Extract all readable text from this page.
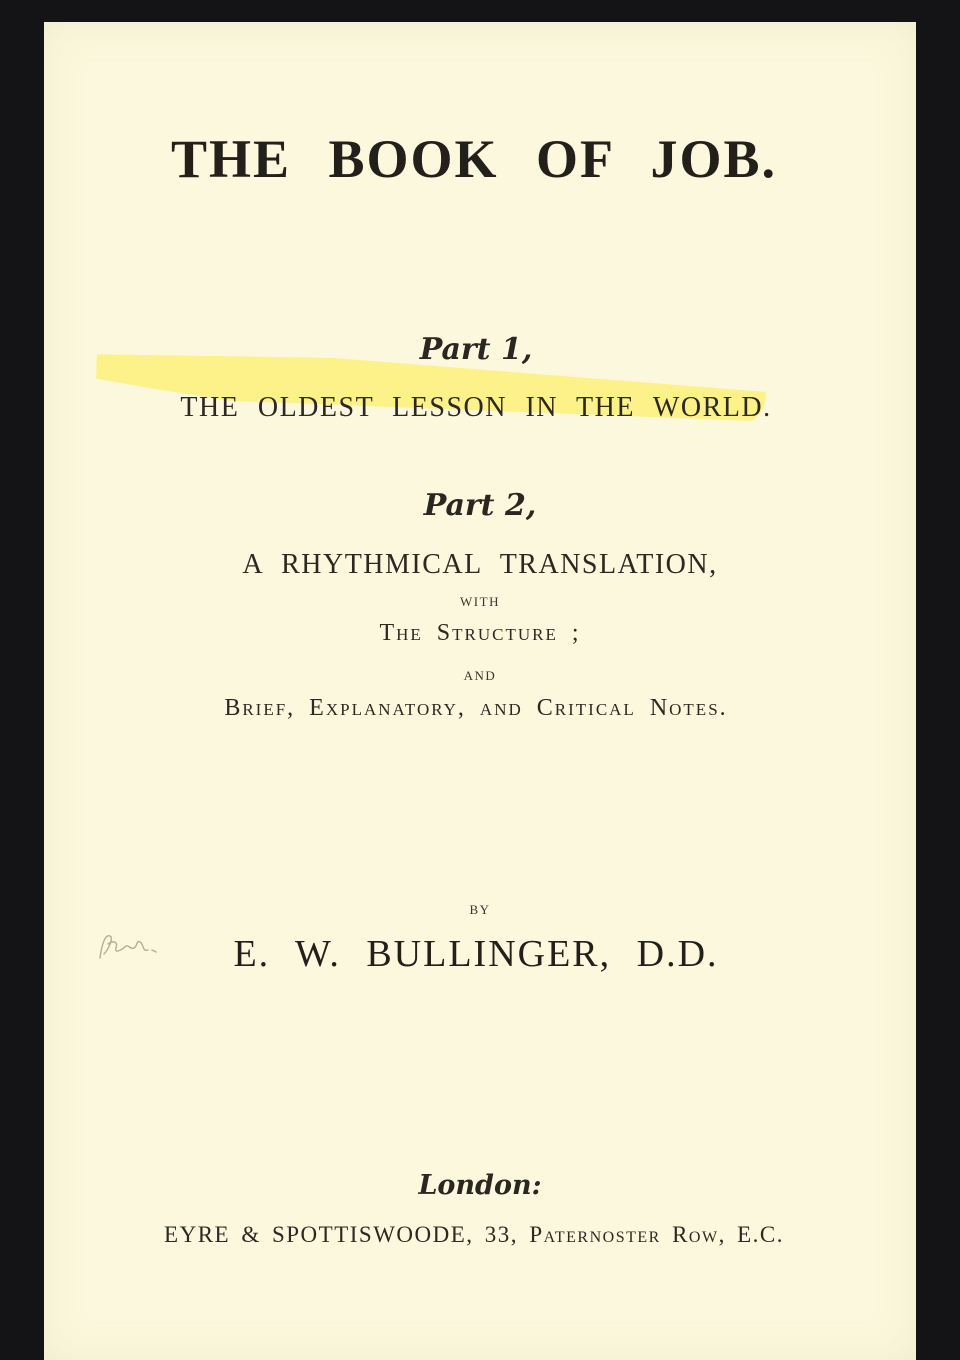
THE BOOK OF JOB.
Part 1,
THE OLDEST LESSON IN THE WORLD.
Part 2,
A RHYTHMICAL TRANSLATION,
WITH
The Structure ;
AND
Brief, Explanatory, and Critical Notes.
BY
E. W. BULLINGER, D.D.
London:
EYRE & SPOTTISWOODE, 33, Paternoster Row, E.C.
